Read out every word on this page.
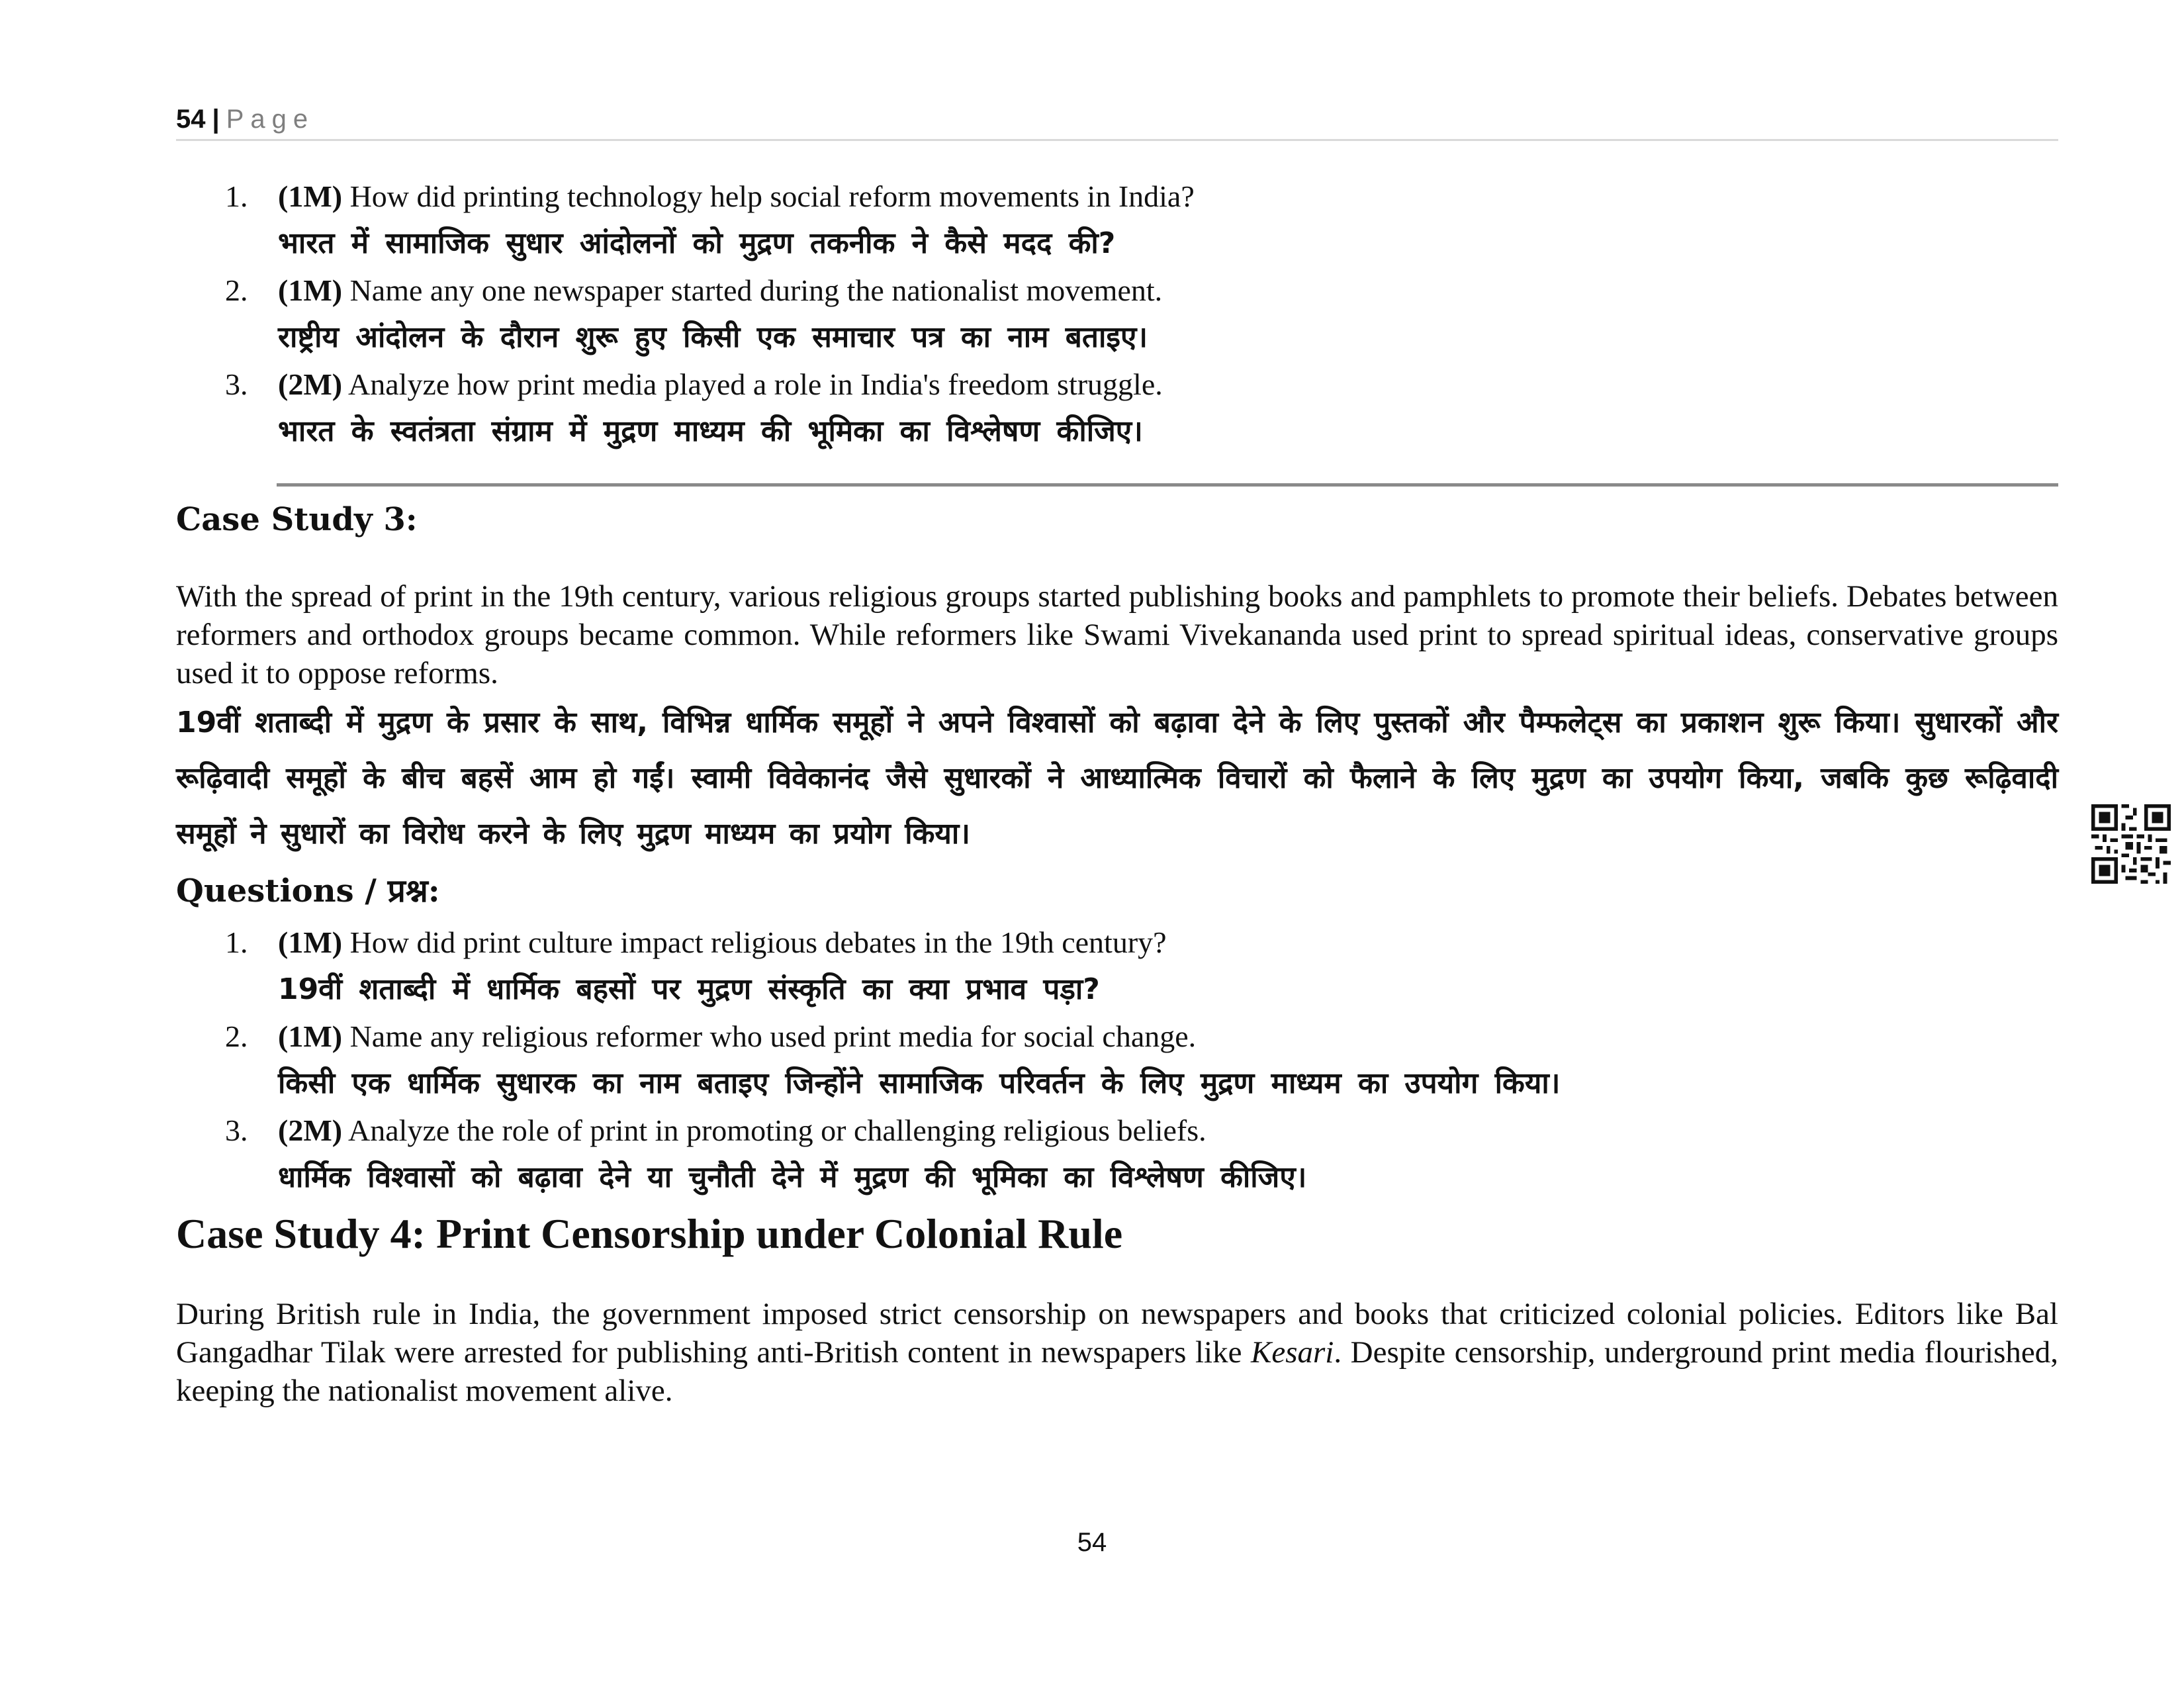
54 | Page
1. (1M) How did printing technology help social reform movements in India?
भारत में सामाजिक सुधार आंदोलनों को मुद्रण तकनीक ने कैसे मदद की?
2. (1M) Name any one newspaper started during the nationalist movement.
राष्ट्रीय आंदोलन के दौरान शुरू हुए किसी एक समाचार पत्र का नाम बताइए।
3. (2M) Analyze how print media played a role in India's freedom struggle.
भारत के स्वतंत्रता संग्राम में मुद्रण माध्यम की भूमिका का विश्लेषण कीजिए।
Case Study 3:
With the spread of print in the 19th century, various religious groups started publishing books and pamphlets to promote their beliefs. Debates between reformers and orthodox groups became common. While reformers like Swami Vivekananda used print to spread spiritual ideas, conservative groups used it to oppose reforms.
19वीं शताब्दी में मुद्रण के प्रसार के साथ, विभिन्न धार्मिक समूहों ने अपने विश्वासों को बढ़ावा देने के लिए पुस्तकों और पैम्फलेट्स का प्रकाशन शुरू किया। सुधारकों और रूढ़िवादी समूहों के बीच बहसें आम हो गईं। स्वामी विवेकानंद जैसे सुधारकों ने आध्यात्मिक विचारों को फैलाने के लिए मुद्रण का उपयोग किया, जबकि कुछ रूढ़िवादी समूहों ने सुधारों का विरोध करने के लिए मुद्रण माध्यम का प्रयोग किया।
Questions / प्रश्न:
1. (1M) How did print culture impact religious debates in the 19th century?
19वीं शताब्दी में धार्मिक बहसों पर मुद्रण संस्कृति का क्या प्रभाव पड़ा?
2. (1M) Name any religious reformer who used print media for social change.
किसी एक धार्मिक सुधारक का नाम बताइए जिन्होंने सामाजिक परिवर्तन के लिए मुद्रण माध्यम का उपयोग किया।
3. (2M) Analyze the role of print in promoting or challenging religious beliefs.
धार्मिक विश्वासों को बढ़ावा देने या चुनौती देने में मुद्रण की भूमिका का विश्लेषण कीजिए।
Case Study 4: Print Censorship under Colonial Rule
During British rule in India, the government imposed strict censorship on newspapers and books that criticized colonial policies. Editors like Bal Gangadhar Tilak were arrested for publishing anti-British content in newspapers like Kesari. Despite censorship, underground print media flourished, keeping the nationalist movement alive.
54
